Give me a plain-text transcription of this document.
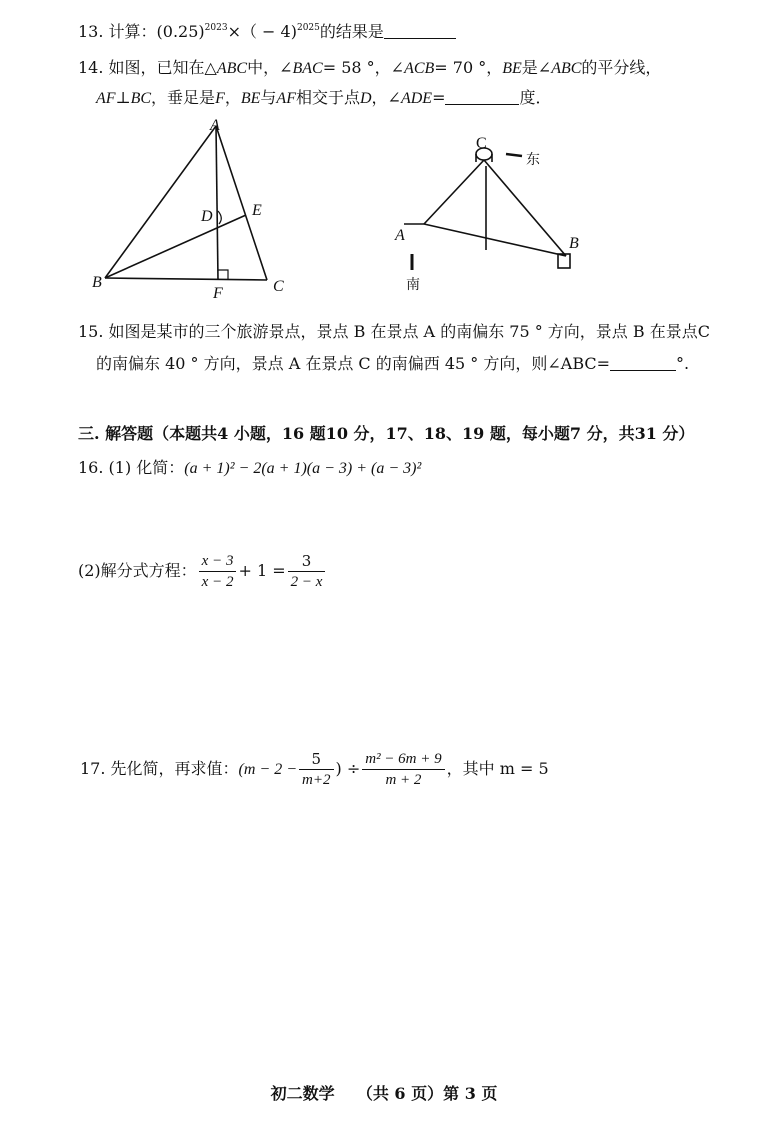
13. 计算：$(0.25)^{2023}\times( - 4)^{2025}$的结果是
14. 如图，已知在△ABC中，∠BAC= 58 °，∠ACB= 70 °，BE是∠ABC的平分线，
AF⊥BC，垂足是F，BE与AF相交于点D，∠ADE=	度．
A
B	C
D E
F
C
A	B
东
南
15. 如图是某市的三个旅游景点，景点 B 在景点 A 的南偏东 75 ° 方向，景点 B 在景点C
的南偏东 40 ° 方向，景点 A 在景点 C 的南偏西 45 ° 方向，则∠ABC=	°.
三. 解答题（本题共4 小题，16 题10 分，17、18、19 题，每小题7 分，共31 分）
16. (1) 化简：(a + 1)² − 2(a + 1)(a − 3) + (a − 3)²
(2)解分式方程： $\frac{x - 3}{x - 2} + 1 = \frac{3}{2 - x}$
17. 先化简，再求值：($m - 2 - \frac{5}{m+2}$ ) ÷ $\frac{\text{m² − 6m + 9}}{m + 2}$ ，其中 m = 5
初二数学    （共 6 页）第 3 页
